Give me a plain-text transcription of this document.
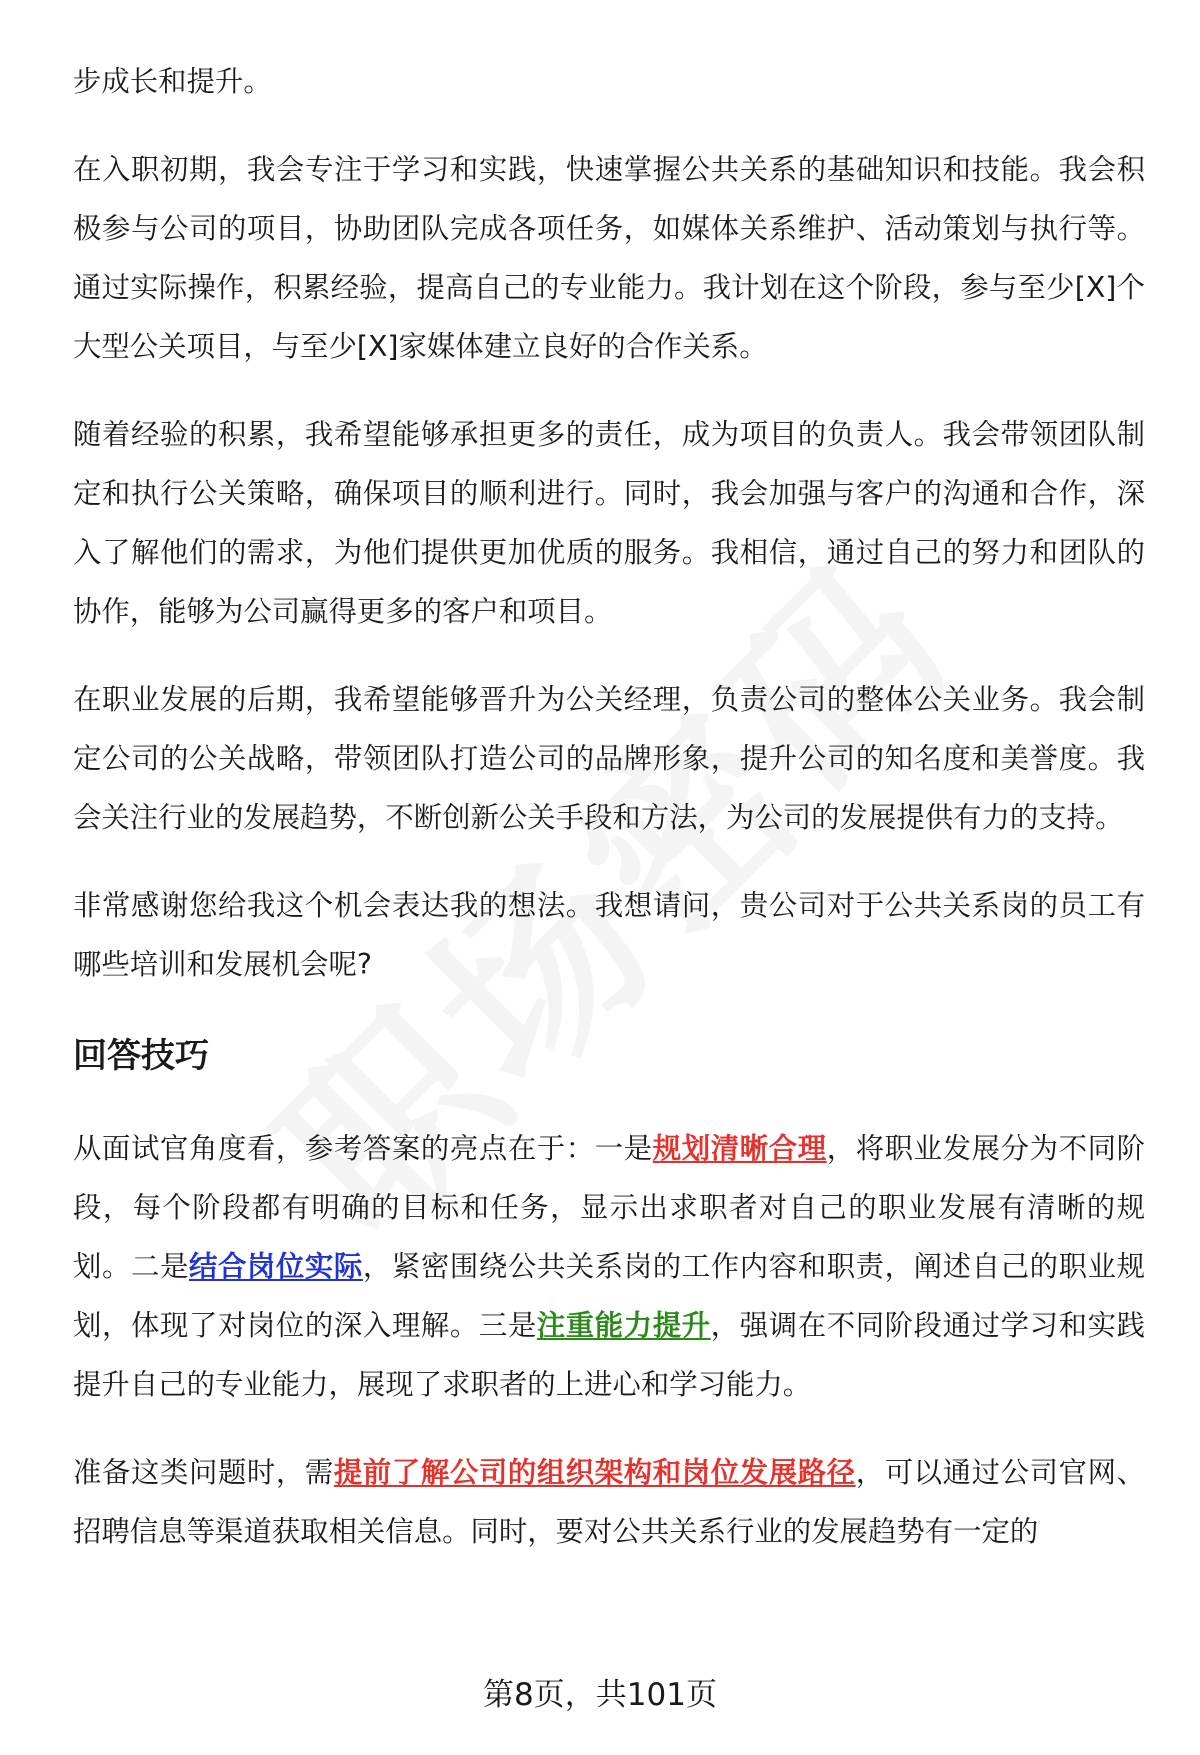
步成长和提升。

在入职初期，我会专注于学习和实践，快速掌握公共关系的基础知识和技能。我会积极参与公司的项目，协助团队完成各项任务，如媒体关系维护、活动策划与执行等。通过实际操作，积累经验，提高自己的专业能力。我计划在这个阶段，参与至少[X]个大型公关项目，与至少[X]家媒体建立良好的合作关系。

随着经验的积累，我希望能够承担更多的责任，成为项目的负责人。我会带领团队制定和执行公关策略，确保项目的顺利进行。同时，我会加强与客户的沟通和合作，深入了解他们的需求，为他们提供更加优质的服务。我相信，通过自己的努力和团队的协作，能够为公司赢得更多的客户和项目。

在职业发展的后期，我希望能够晋升为公关经理，负责公司的整体公关业务。我会制定公司的公关战略，带领团队打造公司的品牌形象，提升公司的知名度和美誉度。我会关注行业的发展趋势，不断创新公关手段和方法，为公司的发展提供有力的支持。

非常感谢您给我这个机会表达我的想法。我想请问，贵公司对于公共关系岗的员工有哪些培训和发展机会呢?

回答技巧

从面试官角度看，参考答案的亮点在于：一是规划清晰合理，将职业发展分为不同阶段，每个阶段都有明确的目标和任务，显示出求职者对自己的职业发展有清晰的规划。二是结合岗位实际，紧密围绕公共关系岗的工作内容和职责，阐述自己的职业规划，体现了对岗位的深入理解。三是注重能力提升，强调在不同阶段通过学习和实践提升自己的专业能力，展现了求职者的上进心和学习能力。

准备这类问题时，需提前了解公司的组织架构和岗位发展路径，可以通过公司官网、招聘信息等渠道获取相关信息。同时，要对公共关系行业的发展趋势有一定的

第8页，共101页
